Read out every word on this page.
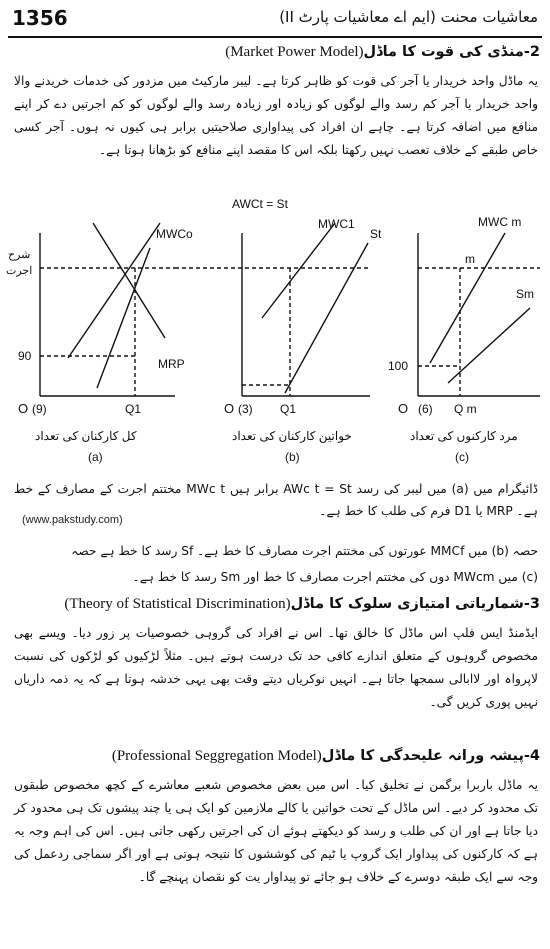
1356	معاشیات محنت (ایم اے معاشیات پارٹ II)
2-منڈی کی قوت کا ماڈل(Market Power Model)
یہ ماڈل واحد خریدار یا آجر کی قوت کو ظاہر کرتا ہے۔ لیبر مارکیٹ میں مزدور کی خدمات خریدنے والا واحد خریدار یا آجر کم رسد والے لوگوں کو زیادہ اور زیادہ رسد والے لوگوں کو کم اجرتیں دے کر اپنے منافع میں اضافہ کرتا ہے۔ چاہے ان افراد کی پیداواری صلاحیتیں برابر ہی کیوں نہ ہوں۔ آجر کسی خاص طبقے کے خلاف تعصب نہیں رکھتا بلکہ اس کا مقصد اپنے منافع کو بڑھانا ہوتا ہے۔
AWCt = St
شرح
اجرت
MWCo
MRP
90
O (9)	Q1
کل کارکنان کی تعداد
(a)
MWC1
St
O (3) Q1
خواتین کارکنان کی تعداد
(b)
MWC m
Sm
m
100
O (6) Q m
مرد کارکنوں کی تعداد
(c)
ڈائیگرام میں (a) میں لیبر کی رسد AWc t = St برابر ہیں MWc t مختتم اجرت کے مصارف کے خط ہے۔ MRP یا D1 فرم کی طلب کا خط ہے۔
(www.pakstudy.com)
حصہ (b) میں MMCf عورتوں کی مختتم اجرت مصارف کا خط ہے۔ Sf رسد کا خط ہے حصہ
(c) میں MWcm دوں کی مختتم اجرت مصارف کا خط اور Sm رسد کا خط ہے۔
3-شماریاتی امتیازی سلوک کا ماڈل(Theory of Statistical Discrimination)
ایڈمنڈ ایس فلپ اس ماڈل کا خالق تھا۔ اس نے افراد کی گروہی خصوصیات پر زور دیا۔ ویسے بھی مخصوص گروہوں کے متعلق اندازے کافی حد تک درست ہوتے ہیں۔ مثلاً لڑکیوں کو لڑکوں کی نسبت لاپرواہ اور لاابالی سمجھا جاتا ہے۔ انہیں نوکریاں دیتے وقت بھی یہی خدشہ ہوتا ہے کہ یہ ذمہ داریاں نہیں پوری کریں گی۔
4-پیشہ ورانہ علیحدگی کا ماڈل(Professional Seggregation Model)
یہ ماڈل باربرا برگمن نے تخلیق کیا۔ اس میں بعض مخصوص شعبے معاشرے کے کچھ مخصوص طبقوں تک محدود کر دیے۔ اس ماڈل کے تحت خواتین یا کالے ملازمین کو ایک ہی یا چند پیشوں تک ہی محدود کر دیا جاتا ہے اور ان کی طلب و رسد کو دیکھتے ہوئے ان کی اجرتیں رکھی جاتی ہیں۔ اس کی اہم وجہ یہ ہے کہ کارکنوں کی پیداوار ایک گروپ یا ٹیم کی کوششوں کا نتیجہ ہوتی ہے اور اگر سماجی ردعمل کی وجہ سے ایک طبقہ دوسرے کے خلاف ہو جائے تو پیداوار یت کو نقصان پہنچے گا۔
